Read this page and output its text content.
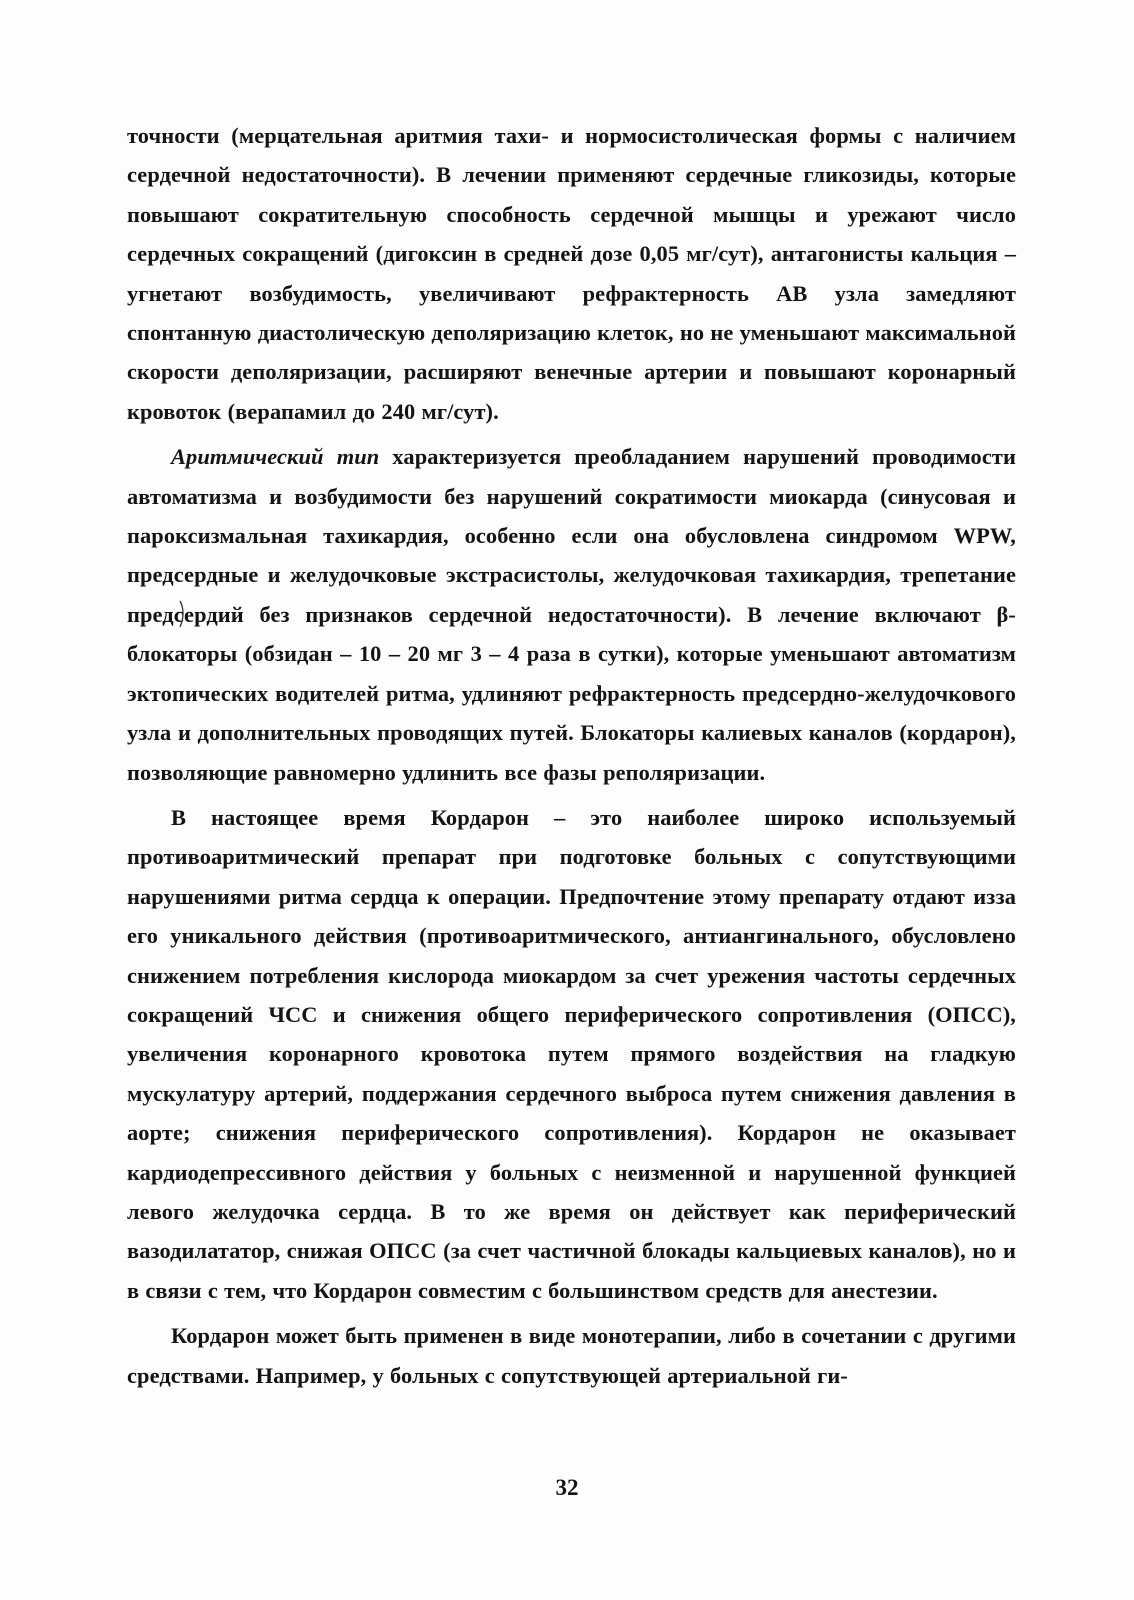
точности (мерцательная аритмия тахи- и нормосистолическая формы с наличием сердечной недостаточности). В лечении применяют сердечные гликозиды, которые повышают сократительную способность сердечной мышцы и урежают число сердечных сокращений (дигоксин в средней дозе 0,05 мг/сут), антагонисты кальция – угнетают возбудимость, увеличивают рефрактерность АВ узла замедляют спонтанную диастолическую деполяризацию клеток, но не уменьшают максимальной скорости деполяризации, расширяют венечные артерии и повышают коронарный кровоток (верапамил до 240 мг/сут).

Аритмический тип характеризуется преобладанием нарушений проводимости автоматизма и возбудимости без нарушений сократимости миокарда (синусовая и пароксизмальная тахикардия, особенно если она обусловлена синдромом WPW, предсердные и желудочковые экстрасистолы, желудочковая тахикардия, трепетание предсердий без признаков сердечной недостаточности). В лечение включают β-блокаторы (обзидан – 10 – 20 мг 3 – 4 раза в сутки), которые уменьшают автоматизм эктопических водителей ритма, удлиняют рефрактерность предсердно-желудочкового узла и дополнительных проводящих путей. Блокаторы калиевых каналов (кордарон), позволяющие равномерно удлинить все фазы реполяризации.

В настоящее время Кордарон – это наиболее широко используемый противоаритмический препарат при подготовке больных с сопутствующими нарушениями ритма сердца к операции. Предпочтение этому препарату отдают изза его уникального действия (противоаритмического, антиангинального, обусловлено снижением потребления кислорода миокардом за счет урежения частоты сердечных сокращений ЧСС и снижения общего периферического сопротивления (ОПСС), увеличения коронарного кровотока путем прямого воздействия на гладкую мускулатуру артерий, поддержания сердечного выброса путем снижения давления в аорте; снижения периферического сопротивления). Кордарон не оказывает кардиодепрессивного действия у больных с неизменной и нарушенной функцией левого желудочка сердца. В то же время он действует как периферический вазодилататор, снижая ОПСС (за счет частичной блокады кальциевых каналов), но и в связи с тем, что Кордарон совместим с большинством средств для анестезии.

Кордарон может быть применен в виде монотерапии, либо в сочетании с другими средствами. Например, у больных с сопутствующей артериальной ги-

32
